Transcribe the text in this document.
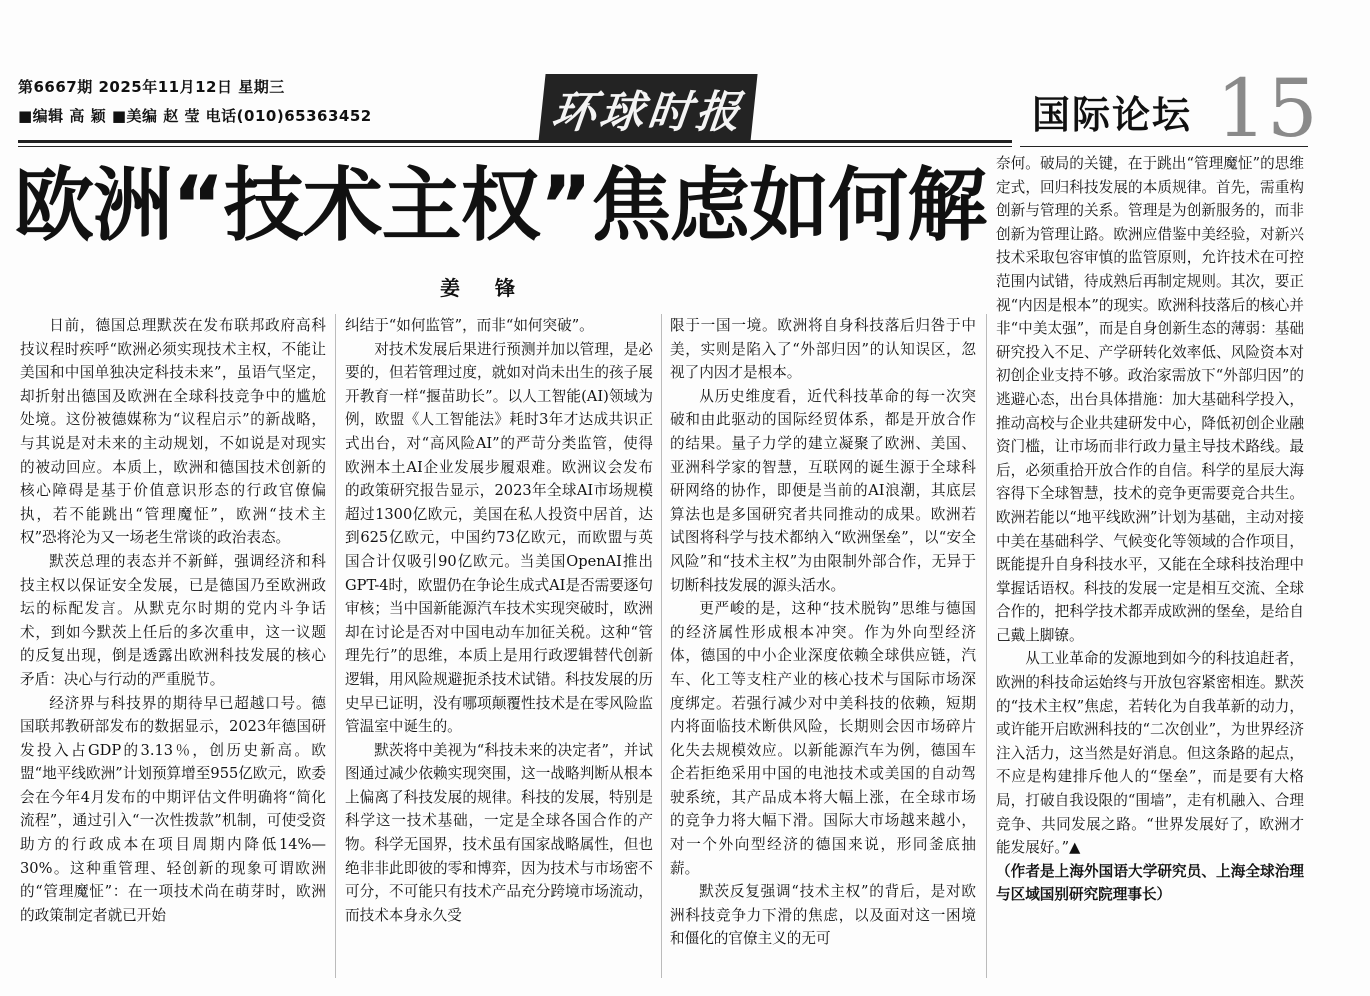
第6667期 2025年11月12日 星期三
■编辑 高 颖 ■美编 赵 莹 电话(010)65363452	环球时报	国际论坛 15
欧洲“技术主权”焦虑如何解
姜 锋

日前，德国总理默茨在发布联邦政府高科技议程时疾呼“欧洲必须实现技术主权，不能让美国和中国单独决定科技未来”，虽语气坚定，却折射出德国及欧洲在全球科技竞争中的尴尬处境。这份被德媒称为“议程启示”的新战略，与其说是对未来的主动规划，不如说是对现实的被动回应。本质上，欧洲和德国技术创新的核心障碍是基于价值意识形态的行政官僚偏执，若不能跳出“管理魔怔”，欧洲“技术主权”恐将沦为又一场老生常谈的政治表态。

默茨总理的表态并不新鲜，强调经济和科技主权以保证安全发展，已是德国乃至欧洲政坛的标配发言。从默克尔时期的党内斗争话术，到如今默茨上任后的多次重申，这一议题的反复出现，倒是透露出欧洲科技发展的核心矛盾：决心与行动的严重脱节。

经济界与科技界的期待早已超越口号。德国联邦教研部发布的数据显示，2023年德国研发投入占GDP的3.13％，创历史新高。欧盟“地平线欧洲”计划预算增至955亿欧元，欧委会在今年4月发布的中期评估文件明确将“简化流程”，通过引入“一次性拨款”机制，可使受资助方的行政成本在项目周期内降低14%—30%。这种重管理、轻创新的现象可谓欧洲的“管理魔怔”：在一项技术尚在萌芽时，欧洲的政策制定者就已开始

纠结于“如何监管”，而非“如何突破”。

对技术发展后果进行预测并加以管理，是必要的，但若管理过度，就如对尚未出生的孩子展开教育一样“揠苗助长”。以人工智能(AI)领域为例，欧盟《人工智能法》耗时3年才达成共识正式出台，对“高风险AI”的严苛分类监管，使得欧洲本土AI企业发展步履艰难。欧洲议会发布的政策研究报告显示，2023年全球AI市场规模超过1300亿欧元，美国在私人投资中居首，达到625亿欧元，中国约73亿欧元，而欧盟与英国合计仅吸引90亿欧元。当美国OpenAI推出GPT-4时，欧盟仍在争论生成式AI是否需要逐句审核；当中国新能源汽车技术实现突破时，欧洲却在讨论是否对中国电动车加征关税。这种“管理先行”的思维，本质上是用行政逻辑替代创新逻辑，用风险规避扼杀技术试错。科技发展的历史早已证明，没有哪项颠覆性技术是在零风险监管温室中诞生的。

默茨将中美视为“科技未来的决定者”，并试图通过减少依赖实现突围，这一战略判断从根本上偏离了科技发展的规律。科技的发展，特别是科学这一技术基础，一定是全球各国合作的产物。科学无国界，技术虽有国家战略属性，但也绝非非此即彼的零和博弈，因为技术与市场密不可分，不可能只有技术产品充分跨境市场流动，而技术本身永久受

限于一国一境。欧洲将自身科技落后归咎于中美，实则是陷入了“外部归因”的认知误区，忽视了内因才是根本。

从历史维度看，近代科技革命的每一次突破和由此驱动的国际经贸体系，都是开放合作的结果。量子力学的建立凝聚了欧洲、美国、亚洲科学家的智慧，互联网的诞生源于全球科研网络的协作，即便是当前的AI浪潮，其底层算法也是多国研究者共同推动的成果。欧洲若试图将科学与技术都纳入“欧洲堡垒”，以“安全风险”和“技术主权”为由限制外部合作，无异于切断科技发展的源头活水。

更严峻的是，这种“技术脱钩”思维与德国的经济属性形成根本冲突。作为外向型经济体，德国的中小企业深度依赖全球供应链，汽车、化工等支柱产业的核心技术与国际市场深度绑定。若强行减少对中美科技的依赖，短期内将面临技术断供风险，长期则会因市场碎片化失去规模效应。以新能源汽车为例，德国车企若拒绝采用中国的电池技术或美国的自动驾驶系统，其产品成本将大幅上涨，在全球市场的竞争力将大幅下滑。国际大市场越来越小，对一个外向型经济的德国来说，形同釜底抽薪。

默茨反复强调“技术主权”的背后，是对欧洲科技竞争力下滑的焦虑，以及面对这一困境和僵化的官僚主义的无可

奈何。破局的关键，在于跳出“管理魔怔”的思维定式，回归科技发展的本质规律。首先，需重构创新与管理的关系。管理是为创新服务的，而非创新为管理让路。欧洲应借鉴中美经验，对新兴技术采取包容审慎的监管原则，允许技术在可控范围内试错，待成熟后再制定规则。其次，要正视“内因是根本”的现实。欧洲科技落后的核心并非“中美太强”，而是自身创新生态的薄弱：基础研究投入不足、产学研转化效率低、风险资本对初创企业支持不够。政治家需放下“外部归因”的逃避心态，出台具体措施：加大基础科学投入，推动高校与企业共建研发中心，降低初创企业融资门槛，让市场而非行政力量主导技术路线。最后，必须重拾开放合作的自信。科学的星辰大海容得下全球智慧，技术的竞争更需要竞合共生。欧洲若能以“地平线欧洲”计划为基础，主动对接中美在基础科学、气候变化等领域的合作项目，既能提升自身科技水平，又能在全球科技治理中掌握话语权。科技的发展一定是相互交流、全球合作的，把科学技术都弄成欧洲的堡垒，是给自己戴上脚镣。

从工业革命的发源地到如今的科技追赶者，欧洲的科技命运始终与开放包容紧密相连。默茨的“技术主权”焦虑，若转化为自我革新的动力，或许能开启欧洲科技的“二次创业”，为世界经济注入活力，这当然是好消息。但这条路的起点，不应是构建排斥他人的“堡垒”，而是要有大格局，打破自我设限的“围墙”，走有机融入、合理竞争、共同发展之路。“世界发展好了，欧洲才能发展好。”▲

（作者是上海外国语大学研究员、上海全球治理与区域国别研究院理事长）
